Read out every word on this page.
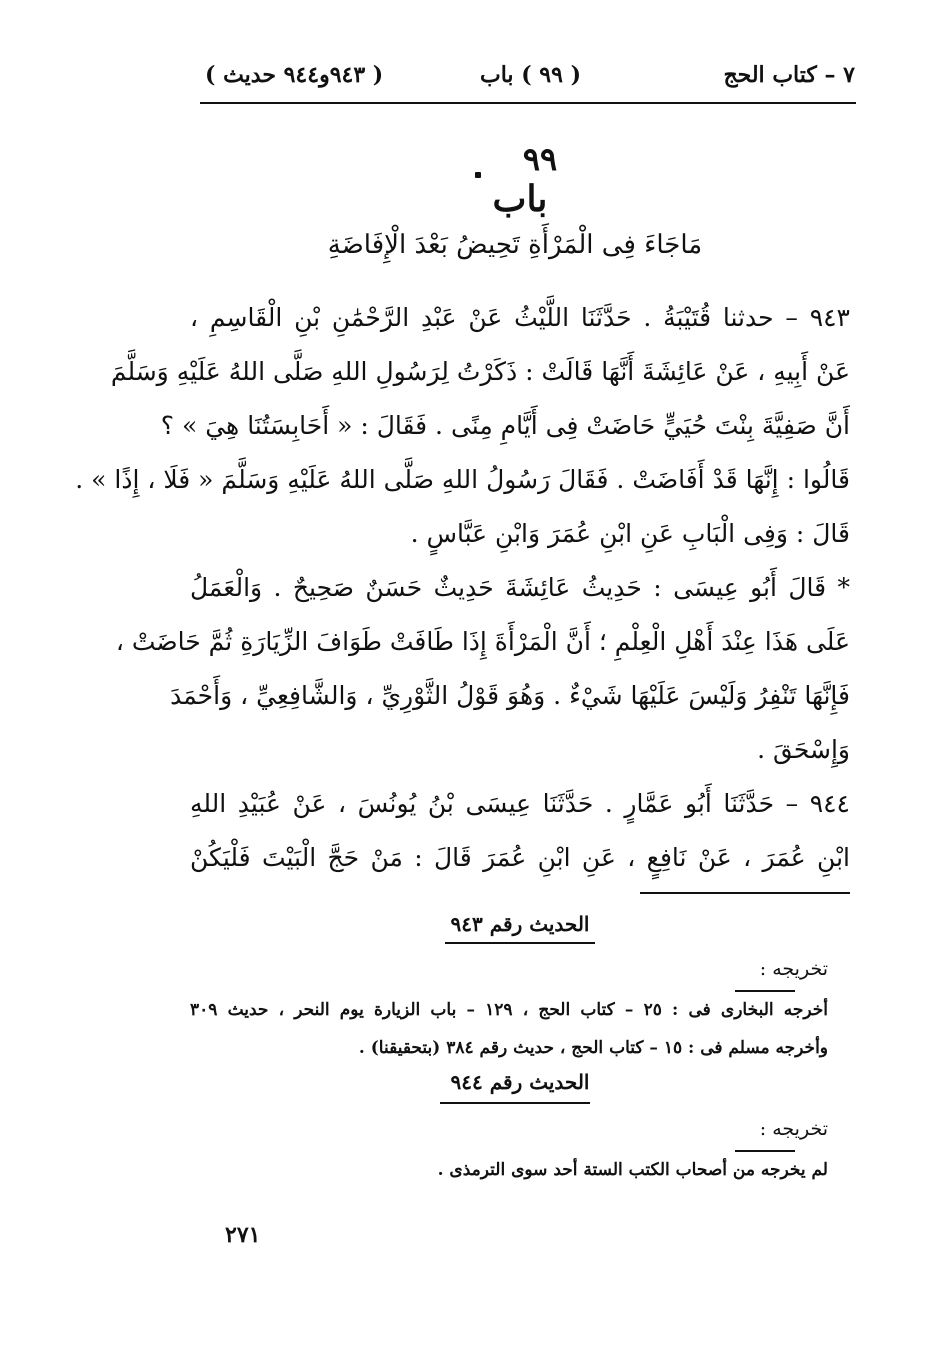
٧ – كتاب الحج
( ٩٩ ) باب
( ٩٤٣و٩٤٤ حديث )
٩٩
باب
مَاجَاءَ فِى الْمَرْأَةِ تَحِيضُ بَعْدَ الْإِفَاضَةِ
٩٤٣ – حدثنا قُتَيْبَةُ . حَدَّثَنَا اللَّيْثُ عَنْ عَبْدِ الرَّحْمَٰنِ بْنِ الْقَاسِمِ ،
عَنْ أَبِيهِ ، عَنْ عَائِشَةَ أَنَّهَا قَالَتْ : ذَكَرْتُ لِرَسُولِ اللهِ صَلَّى اللهُ عَلَيْهِ وَسَلَّمَ
أَنَّ صَفِيَّةَ بِنْتَ حُيَيٍّ حَاضَتْ فِى أَيَّامِ مِنًى . فَقَالَ : « أَحَابِسَتُنَا هِيَ » ؟
قَالُوا : إِنَّهَا قَدْ أَفَاضَتْ . فَقَالَ رَسُولُ اللهِ صَلَّى اللهُ عَلَيْهِ وَسَلَّمَ « فَلَا ، إِذًا » .
قَالَ : وَفِى الْبَابِ عَنِ ابْنِ عُمَرَ وَابْنِ عَبَّاسٍ .
* قَالَ أَبُو عِيسَى : حَدِيثُ عَائِشَةَ حَدِيثٌ حَسَنٌ صَحِيحٌ . وَالْعَمَلُ
عَلَى هَذَا عِنْدَ أَهْلِ الْعِلْمِ ؛ أَنَّ الْمَرْأَةَ إِذَا طَافَتْ طَوَافَ الزِّيَارَةِ ثُمَّ حَاضَتْ ،
فَإِنَّهَا تَنْفِرُ وَلَيْسَ عَلَيْهَا شَيْءٌ . وَهُوَ قَوْلُ الثَّوْرِيِّ ، وَالشَّافِعِيِّ ، وَأَحْمَدَ
وَإِسْحَقَ .
٩٤٤ – حَدَّثَنَا أَبُو عَمَّارٍ . حَدَّثَنَا عِيسَى بْنُ يُونُسَ ، عَنْ عُبَيْدِ اللهِ
ابْنِ عُمَرَ ، عَنْ نَافِعٍ ، عَنِ ابْنِ عُمَرَ قَالَ : مَنْ حَجَّ الْبَيْتَ فَلْيَكُنْ
الحديث رقم ٩٤٣
تخريجه :
أخرجه البخارى فى : ٢٥ – كتاب الحج ، ١٢٩ – باب الزيارة يوم النحر ، حديث ٣٠٩
وأخرجه مسلم فى : ١٥ – كتاب الحج ، حديث رقم ٣٨٤ (بتحقيقنا) .
الحديث رقم ٩٤٤
تخريجه :
لم يخرجه من أصحاب الكتب الستة أحد سوى الترمذى .
٢٧١
